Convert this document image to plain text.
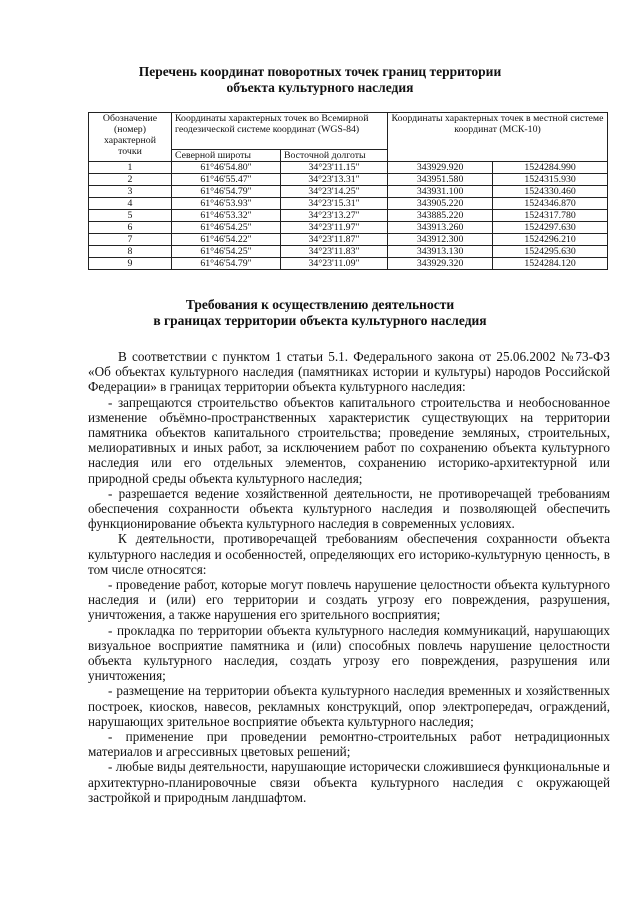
Перечень координат поворотных точек границ территории
объекта культурного наследия
Обозначение (номер) характерной точки	Координаты характерных точек во Всемирной геодезической системе координат (WGS-84)		Координаты характерных точек в местной системе координат (МСК-10)	
	Северной широты	Восточной долготы		
1	61°46'54.80"	34°23'11.15"	343929.920	1524284.990
2	61°46'55.47"	34°23'13.31"	343951.580	1524315.930
3	61°46'54.79"	34°23'14.25"	343931.100	1524330.460
4	61°46'53.93"	34°23'15.31"	343905.220	1524346.870
5	61°46'53.32"	34°23'13.27"	343885.220	1524317.780
6	61°46'54.25"	34°23'11.97"	343913.260	1524297.630
7	61°46'54.22"	34°23'11.87"	343912.300	1524296.210
8	61°46'54.25"	34°23'11.83"	343913.130	1524295.630
9	61°46'54.79"	34°23'11.09"	343929.320	1524284.120
Требования к осуществлению деятельности
в границах территории объекта культурного наследия

В соответствии с пунктом 1 статьи 5.1. Федерального закона от 25.06.2002 №73-ФЗ «Об объектах культурного наследия (памятниках истории и культуры) народов Российской Федерации» в границах территории объекта культурного наследия:

- запрещаются строительство объектов капитального строительства и необоснованное изменение объёмно-пространственных характеристик существующих на территории памятника объектов капитального строительства; проведение земляных, строительных, мелиоративных и иных работ, за исключением работ по сохранению объекта культурного наследия или его отдельных элементов, сохранению историко-архитектурной или природной среды объекта культурного наследия;

- разрешается ведение хозяйственной деятельности, не противоречащей требованиям обеспечения сохранности объекта культурного наследия и позволяющей обеспечить функционирование объекта культурного наследия в современных условиях.

К деятельности, противоречащей требованиям обеспечения сохранности объекта культурного наследия и особенностей, определяющих его историко-культурную ценность, в том числе относятся:

- проведение работ, которые могут повлечь нарушение целостности объекта культурного наследия и (или) его территории и создать угрозу его повреждения, разрушения, уничтожения, а также нарушения его зрительного восприятия;

- прокладка по территории объекта культурного наследия коммуникаций, нарушающих визуальное восприятие памятника и (или) способных повлечь нарушение целостности объекта культурного наследия, создать угрозу его повреждения, разрушения или уничтожения;

- размещение на территории объекта культурного наследия временных и хозяйственных построек, киосков, навесов, рекламных конструкций, опор электропередач, ограждений, нарушающих зрительное восприятие объекта культурного наследия;

- применение при проведении ремонтно-строительных работ нетрадиционных материалов и агрессивных цветовых решений;

- любые виды деятельности, нарушающие исторически сложившиеся функциональные и архитектурно-планировочные связи объекта культурного наследия с окружающей застройкой и природным ландшафтом.
